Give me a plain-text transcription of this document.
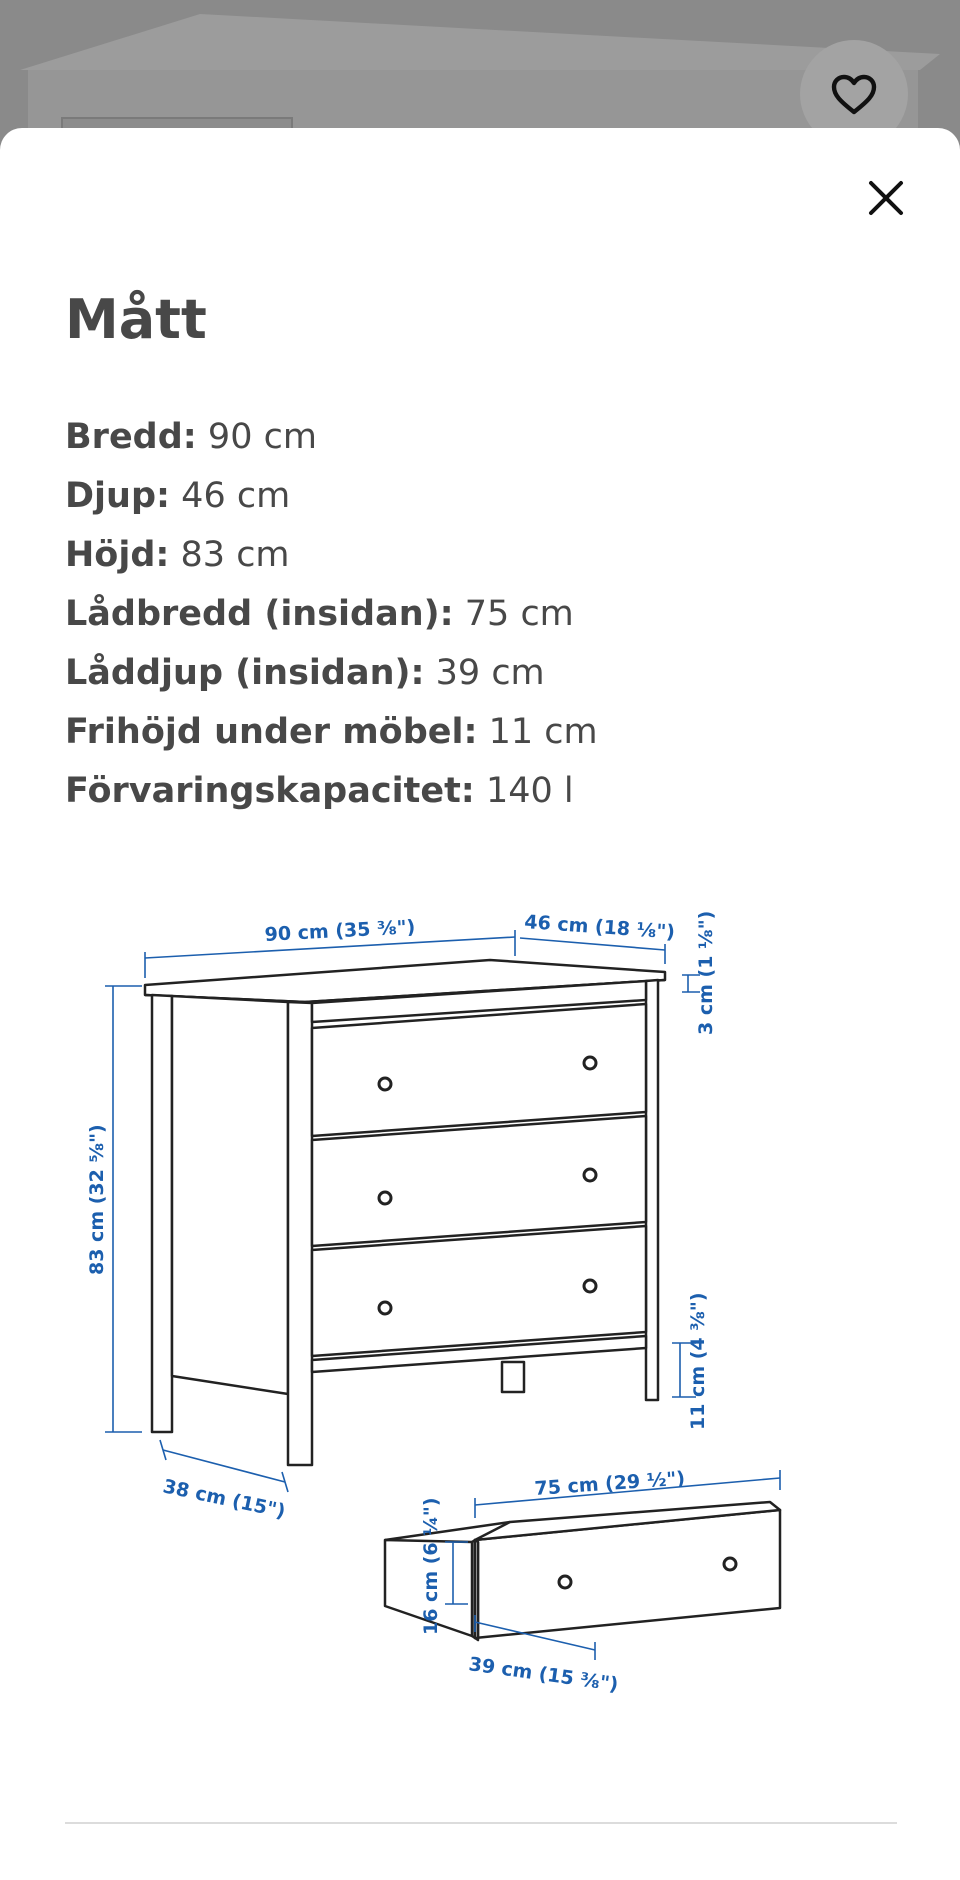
Mått
Bredd: 90 cm
Djup: 46 cm
Höjd: 83 cm
Lådbredd (insidan): 75 cm
Låddjup (insidan): 39 cm
Frihöjd under möbel: 11 cm
Förvaringskapacitet: 140 l
90 cm (35 ⅜")	46 cm (18 ⅛") 3 cm (1 ⅛")
83 cm (32 ⅝")
11 cm (4 ⅜")
38 cm (15")	75 cm (29 ½")
16 cm (6 ¼")
39 cm (15 ⅜")
